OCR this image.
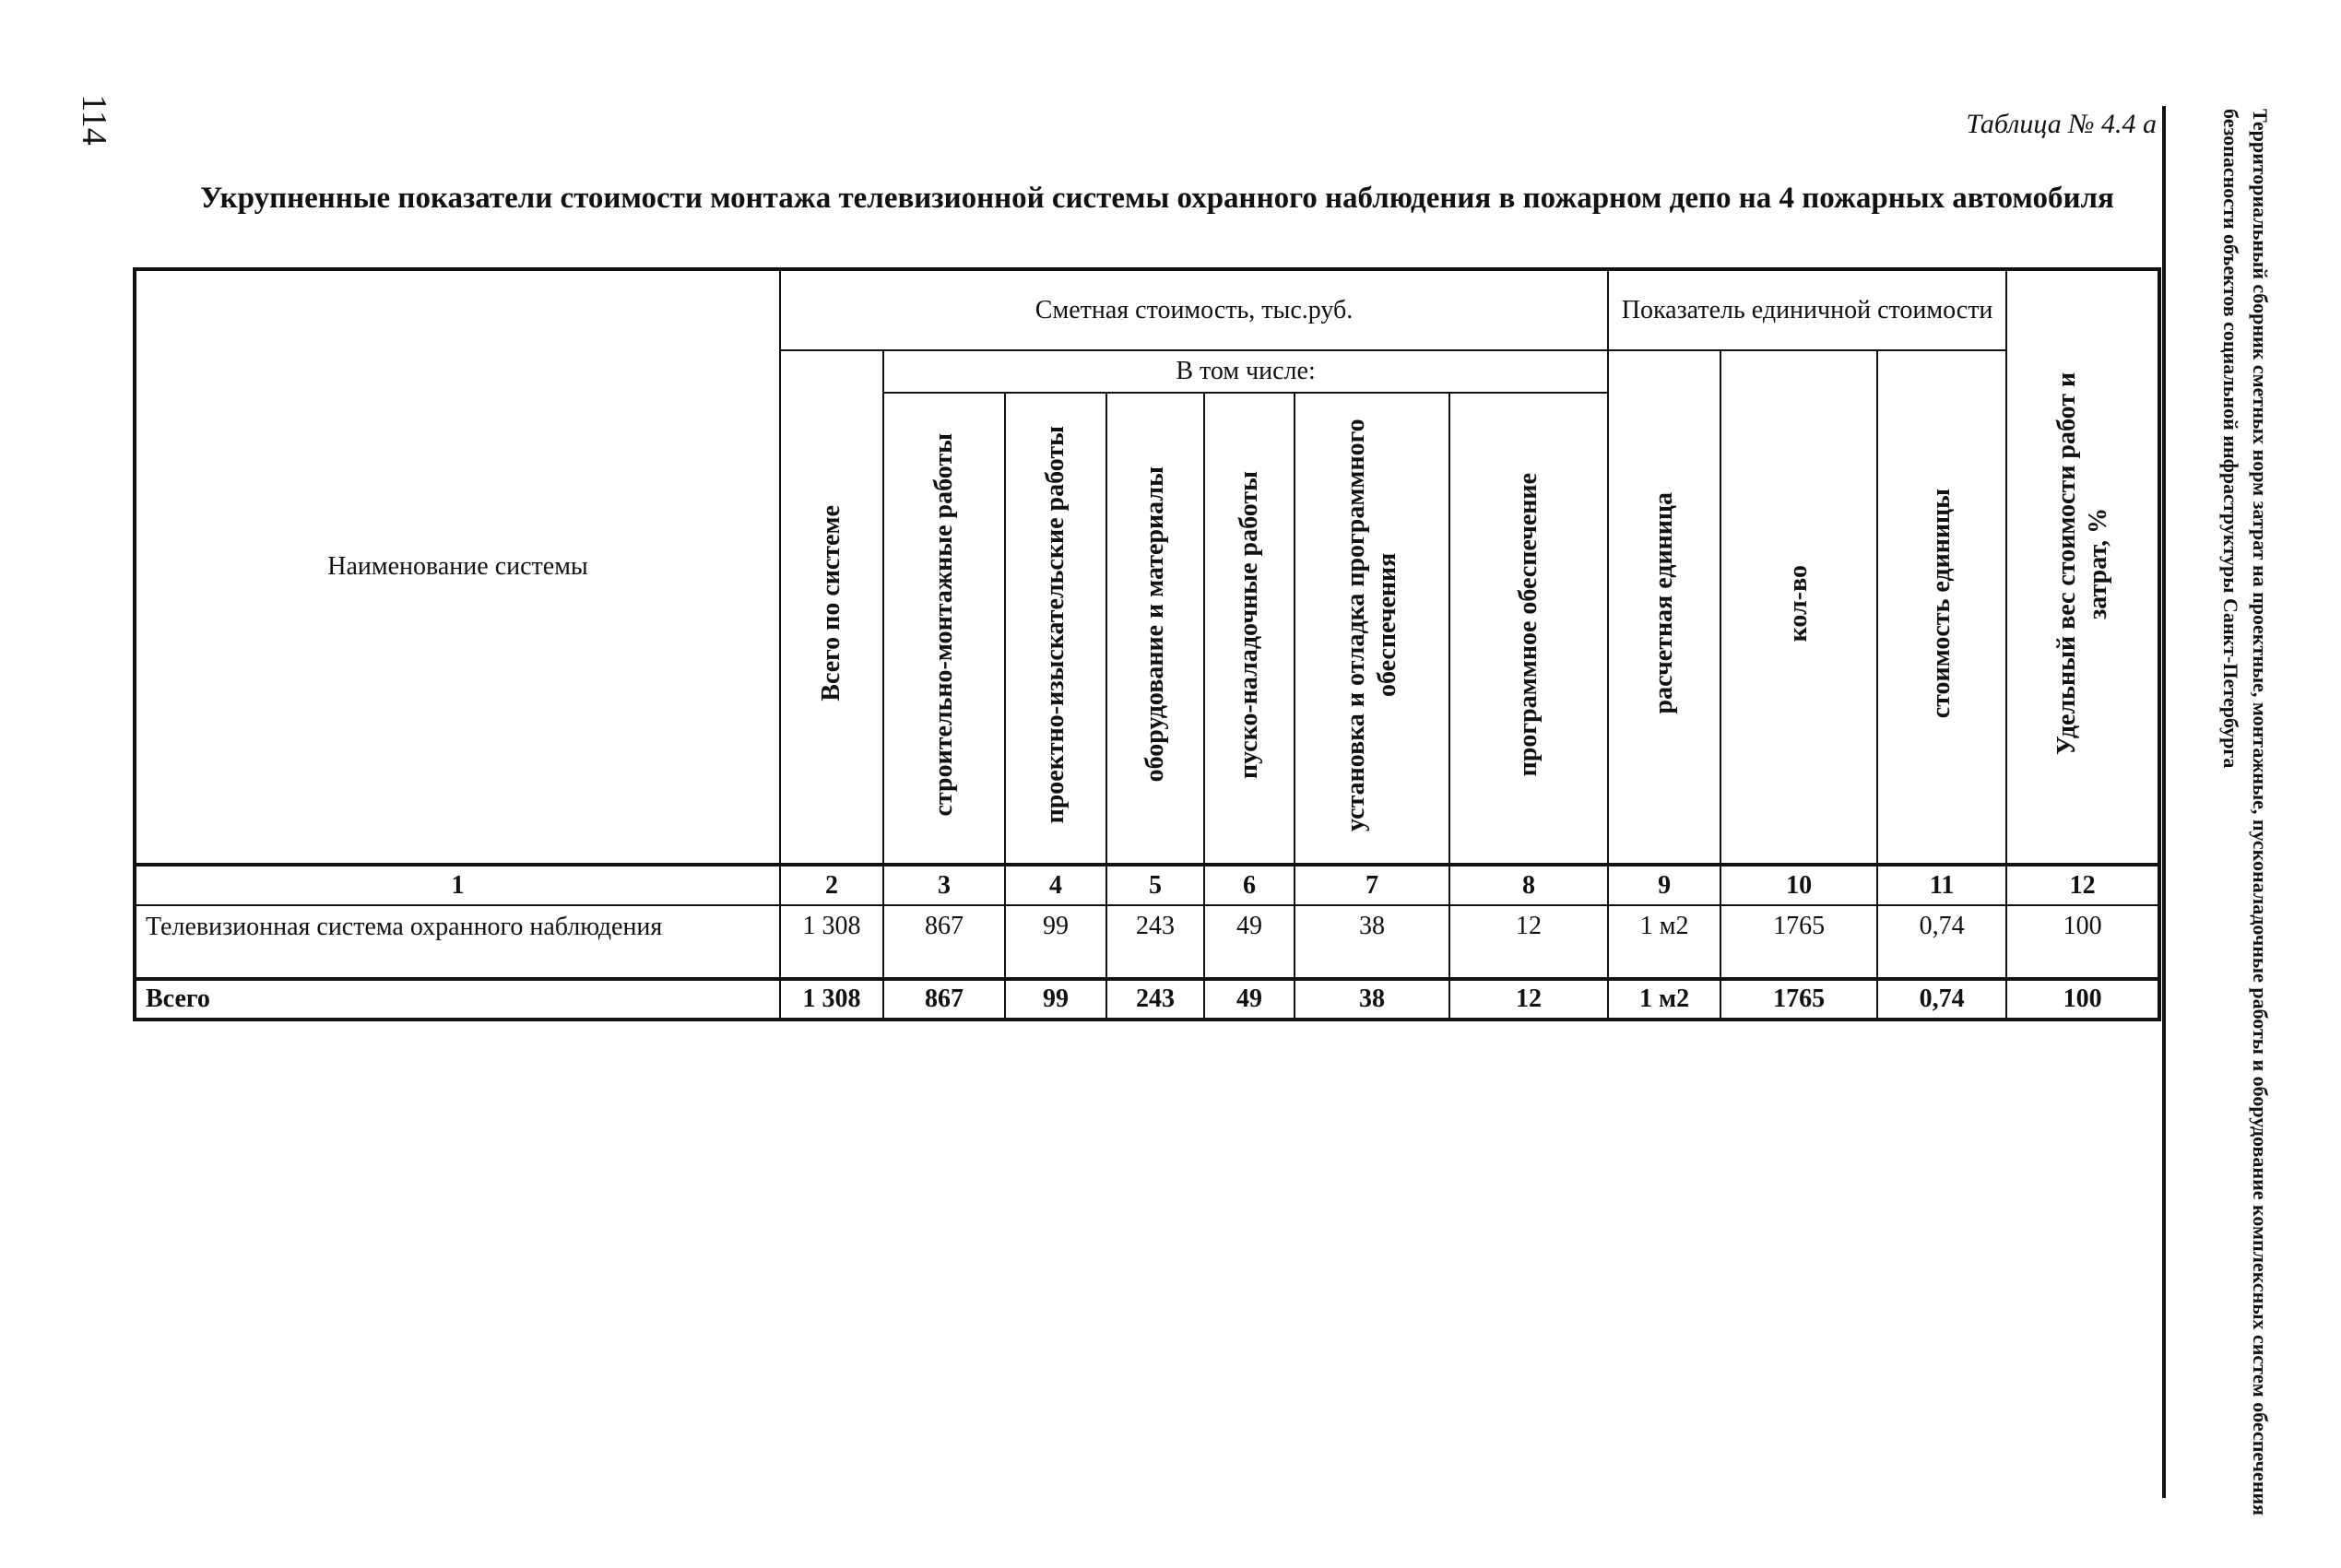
114	Таблица № 4.4 а
Укрупненные показатели стоимости монтажа телевизионной системы охранного наблюдения в пожарном депо на 4 пожарных автомобиля	Территориальный сборник сметных норм затрат на проектные, монтажные, пусконаладочные работы и оборудование комплексных систем обеспечения безопасности объектов социальной инфраструктуры Санкт-Петербурга
Наименование системы	Сметная стоимость, тыс.руб.							Показатель единичной стоимости			Удельный вес стоимости работ и затрат, %
	Всего по системе	В том числе:						расчетная единица	кол-во	стоимость единицы	
		строительно-монтажные работы	проектно-изыскательские работы	оборудование и материалы	пуско-наладочные работы	установка и отладка программного обеспечения	программное обеспечение				
1	2	3	4	5	6	7	8	9	10	11	12
Телевизионная система охранного наблюдения	1 308	867	99	243	49	38	12	1 м2	1765	0,74	100
Всего	1 308	867	99	243	49	38	12	1 м2	1765	0,74	100
